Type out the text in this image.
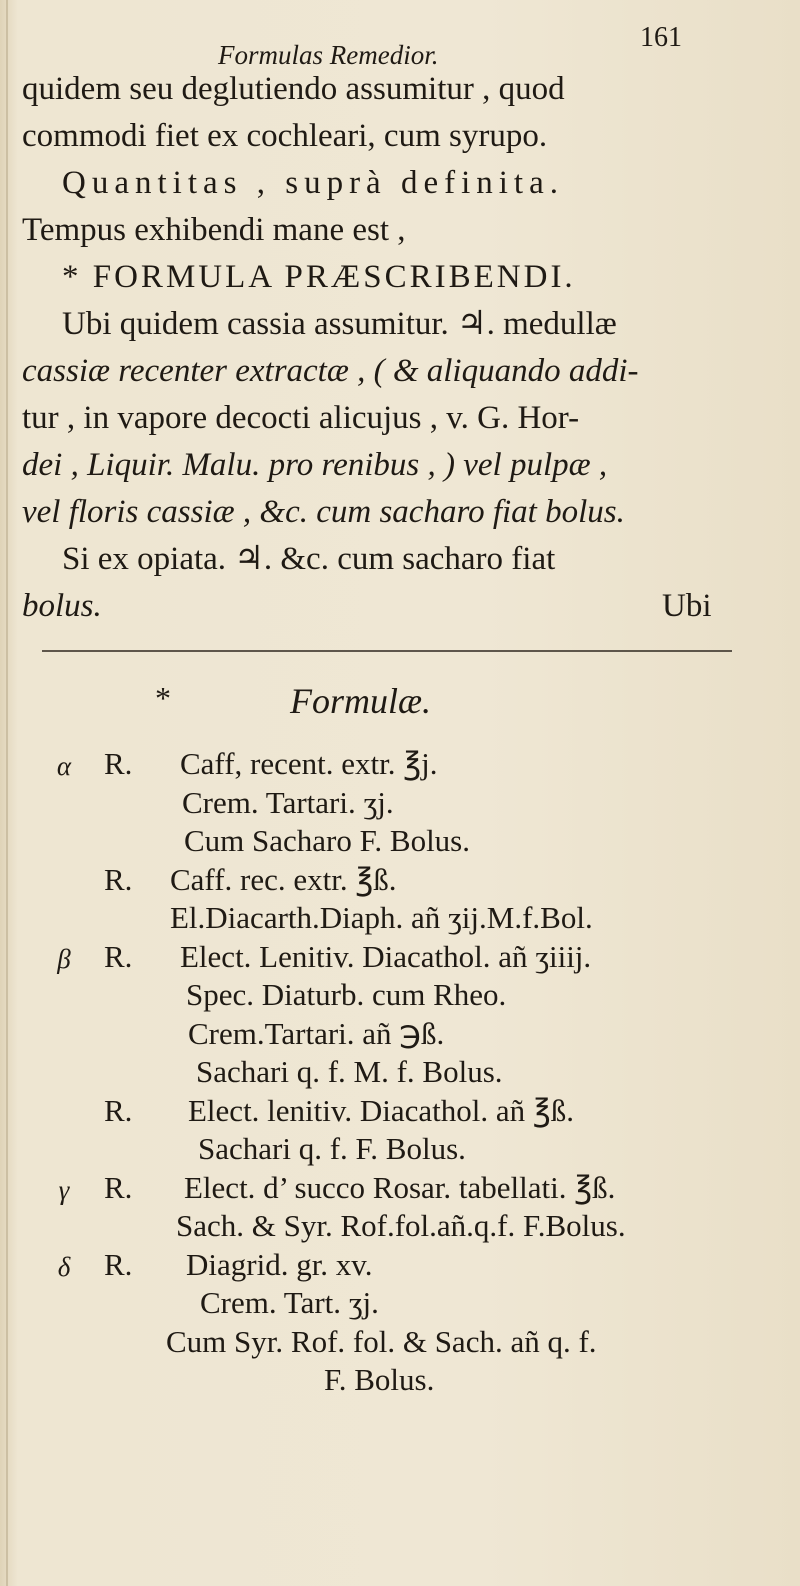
Formulas Remedior.
161
quidem seu deglutiendo assumitur , quod
commodi fiet ex cochleari, cum syrupo.
Quantitas , suprà definita.
Tempus exhibendi mane est ,
* FORMULA PRÆSCRIBENDI.
Ubi quidem cassia assumitur. ♃. medullæ
cassiæ recenter extractæ , ( & aliquando addi-
tur , in vapore decocti alicujus , v. G. Hor-
dei , Liquir. Malu. pro renibus , ) vel pulpæ ,
vel floris cassiæ , &c. cum sacharo fiat bolus.
Si ex opiata. ♃. &c. cum sacharo fiat
bolus.	Ubi
*	Formulæ.
α R. Caff, recent. extr. ℥j.
Crem. Tartari. ʒj.
Cum Sacharo F. Bolus.
R. Caff. rec. extr. ℥ß.
El.Diacarth.Diaph. añ ʒij.M.f.Bol.
β R. Elect. Lenitiv. Diacathol. añ ʒiiij.
Spec. Diaturb. cum Rheo.
Crem.Tartari. añ ℈ß.
Sachari q. f. M. f. Bolus.
R. Elect. lenitiv. Diacathol. añ ℥ß.
Sachari q. f. F. Bolus.
γ R. Elect. d’ succo Rosar. tabellati. ℥ß.
Sach. & Syr. Rof.fol.añ.q.f. F.Bolus.
δ R. Diagrid. gr. xv.
Crem. Tart. ʒj.
Cum Syr. Rof. fol. & Sach. añ q. f.
F. Bolus.
